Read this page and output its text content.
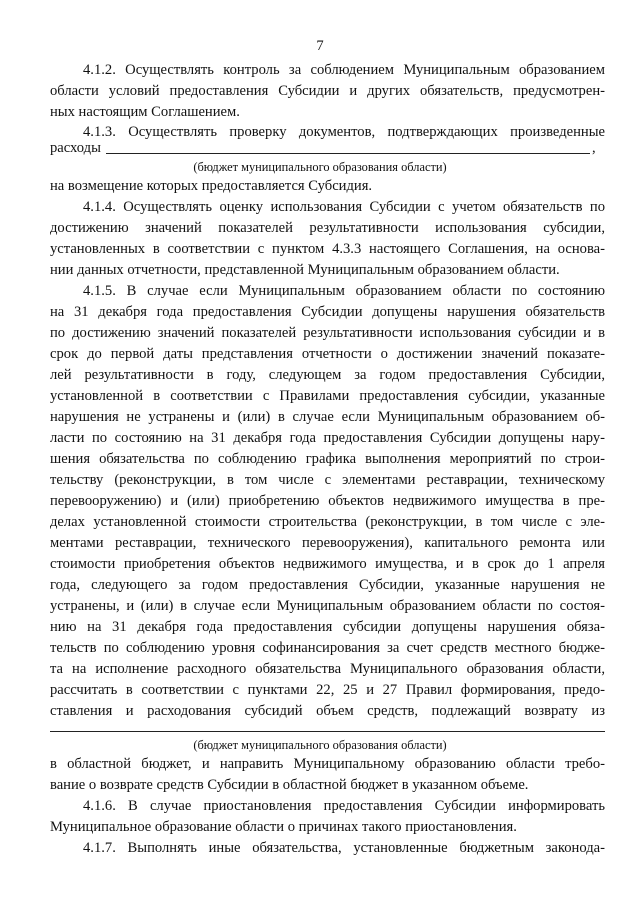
7
4.1.2. Осуществлять контроль за соблюдением Муниципальным образованием
области условий предоставления Субсидии и других обязательств, предусмотрен-
ных настоящим Соглашением.
4.1.3. Осуществлять проверку документов, подтверждающих произведенные
расходы	,
(бюджет муниципального образования области)
на возмещение которых предоставляется Субсидия.
4.1.4. Осуществлять оценку использования Субсидии с учетом обязательств по
достижению значений показателей результативности использования субсидии,
установленных в соответствии с пунктом 4.3.3 настоящего Соглашения, на основа-
нии данных отчетности, представленной Муниципальным образованием области.
4.1.5. В случае если Муниципальным образованием области по состоянию
на 31 декабря года предоставления Субсидии допущены нарушения обязательств
по достижению значений показателей результативности использования субсидии и в
срок до первой даты представления отчетности о достижении значений показате-
лей результативности в году, следующем за годом предоставления Субсидии,
установленной в соответствии с Правилами предоставления субсидии, указанные
нарушения не устранены и (или) в случае если Муниципальным образованием об-
ласти по состоянию на 31 декабря года предоставления Субсидии допущены нару-
шения обязательства по соблюдению графика выполнения мероприятий по строи-
тельству (реконструкции, в том числе с элементами реставрации, техническому
перевооружению) и (или) приобретению объектов недвижимого имущества в пре-
делах установленной стоимости строительства (реконструкции, в том числе с эле-
ментами реставрации, технического перевооружения), капитального ремонта или
стоимости приобретения объектов недвижимого имущества, и в срок до 1 апреля
года, следующего за годом предоставления Субсидии, указанные нарушения не
устранены, и (или) в случае если Муниципальным образованием области по состоя-
нию на 31 декабря года предоставления субсидии допущены нарушения обяза-
тельств по соблюдению уровня софинансирования за счет средств местного бюдже-
та на исполнение расходного обязательства Муниципального образования области,
рассчитать в соответствии с пунктами 22, 25 и 27 Правил формирования, предо-
ставления и расходования субсидий объем средств, подлежащий возврату из
(бюджет муниципального образования области)
в областной бюджет, и направить Муниципальному образованию области требо-
вание о возврате средств Субсидии в областной бюджет в указанном объеме.
4.1.6. В случае приостановления предоставления Субсидии информировать
Муниципальное образование области о причинах такого приостановления.
4.1.7. Выполнять иные обязательства, установленные бюджетным законода-
